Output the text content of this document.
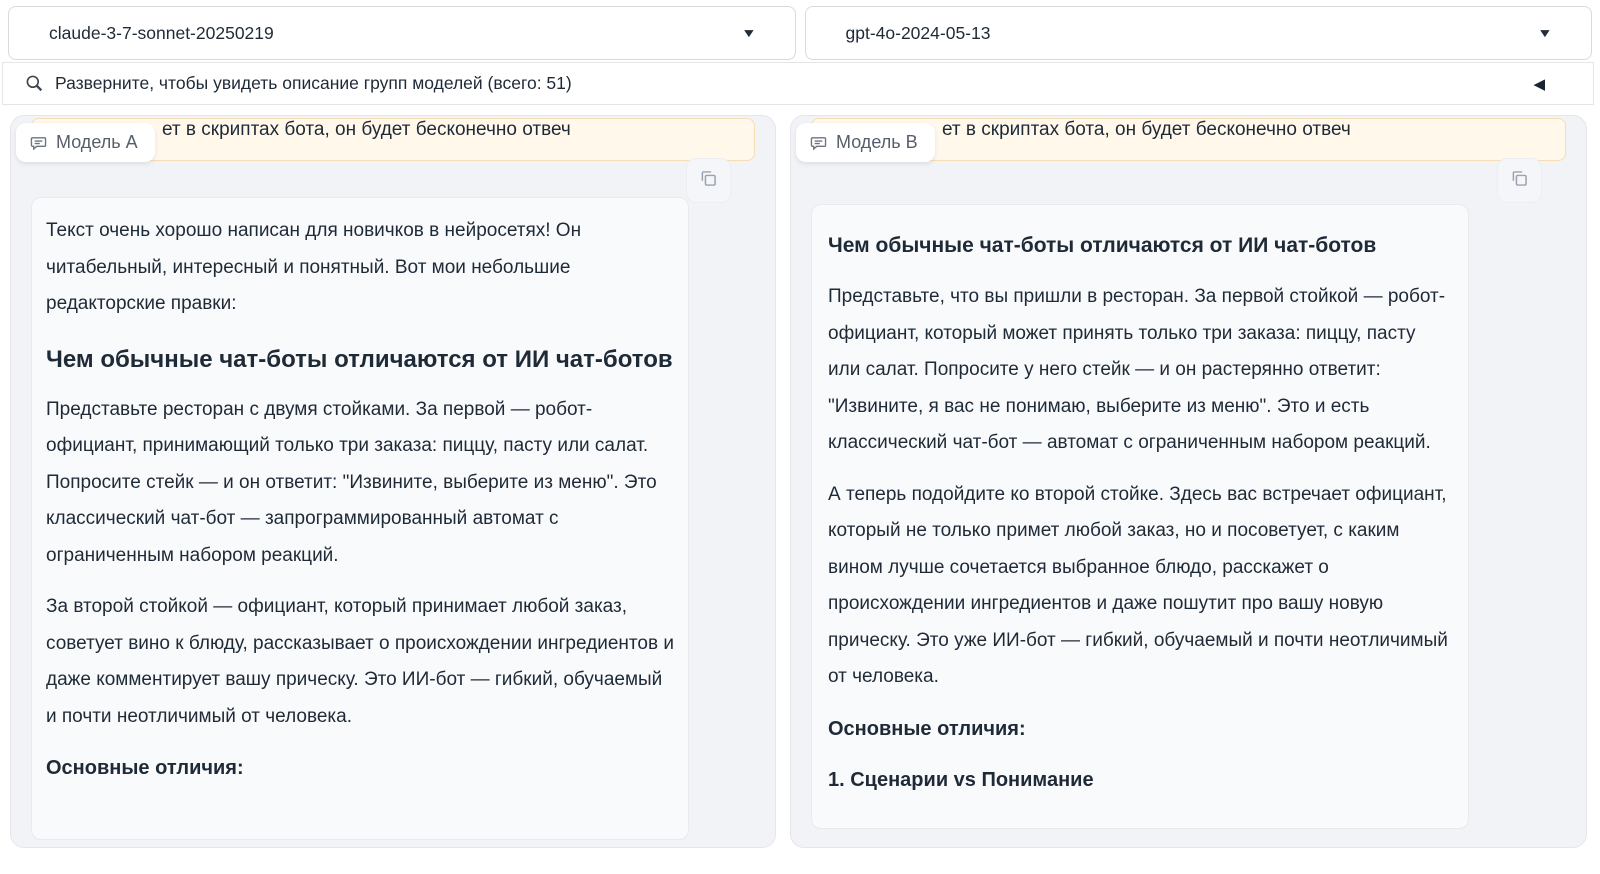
claude-3-7-sonnet-20250219	▼	gpt-4o-2024-05-13	▼
Разверните, чтобы увидеть описание групп моделей (всего: 51)	◀
ет в скриптах бота, он будет бесконечно отвеч
Модель A

Текст очень хорошо написан для новичков в нейросетях! Он читабельный, интересный и понятный. Вот мои небольшие редакторские правки:

Чем обычные чат-боты отличаются от ИИ чат-ботов

Представьте ресторан с двумя стойками. За первой — робот-официант, принимающий только три заказа: пиццу, пасту или салат. Попросите стейк — и он ответит: "Извините, выберите из меню". Это классический чат-бот — запрограммированный автомат с ограниченным набором реакций.

За второй стойкой — официант, который принимает любой заказ, советует вино к блюду, рассказывает о происхождении ингредиентов и даже комментирует вашу прическу. Это ИИ-бот — гибкий, обучаемый и почти неотличимый от человека.

Основные отличия:

ет в скриптах бота, он будет бесконечно отвеч
Модель B
Чем обычные чат-боты отличаются от ИИ чат-ботов

Представьте, что вы пришли в ресторан. За первой стойкой — робот-официант, который может принять только три заказа: пиццу, пасту или салат. Попросите у него стейк — и он растерянно ответит: "Извините, я вас не понимаю, выберите из меню". Это и есть классический чат-бот — автомат с ограниченным набором реакций.

А теперь подойдите ко второй стойке. Здесь вас встречает официант, который не только примет любой заказ, но и посоветует, с каким вином лучше сочетается выбранное блюдо, расскажет о происхождении ингредиентов и даже пошутит про вашу новую прическу. Это уже ИИ-бот — гибкий, обучаемый и почти неотличимый от человека.

Основные отличия:

1. Сценарии vs Понимание
